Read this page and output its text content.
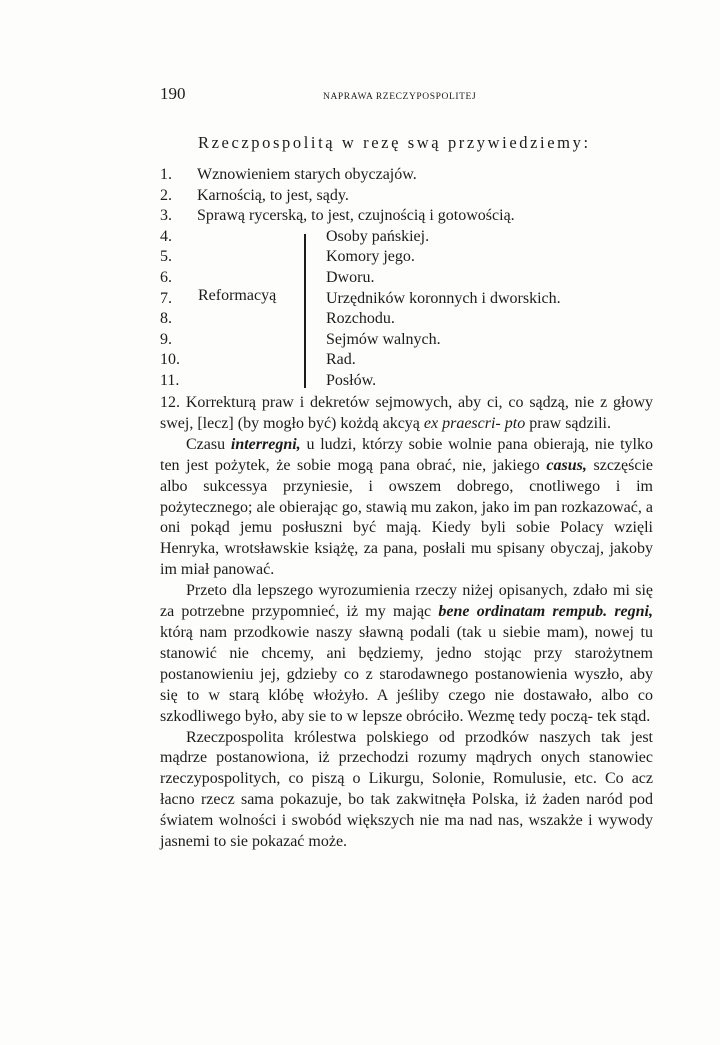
190	NAPRAWA RZECZYPOSPOLITEJ
Rzeczpospolitą w rezę swą przywiedziemy:
1.	Wznowieniem starych obyczajów.
2.	Karnością, to jest, sądy.
3.	Sprawą rycerską, to jest, czujnością i gotowością.
4.	Osoby pańskiej.
5.	Komory jego.
6.	Dworu.
7.	Urzędników koronnych i dworskich.
8.	Rozchodu.
9.	Sejmów walnych.
10.	Rad.
11.	Posłów.
Reformacyą

12. Korrekturą praw i dekretów sejmowych, aby ci, co sądzą, nie z głowy swej, [lecz] (by mogło być) kożdą akcyą ex praescri- pto praw sądzili.

Czasu interregni, u ludzi, którzy sobie wolnie pana obierają, nie tylko ten jest pożytek, że sobie mogą pana obrać, nie, jakiego casus, szczęście albo sukcessya przyniesie, i owszem dobrego, cnotliwego i im pożytecznego; ale obierając go, stawią mu zakon, jako im pan rozkazować, a oni pokąd jemu posłuszni być mają. Kiedy byli sobie Polacy wzięli Henryka, wrotsławskie książę, za pana, posłali mu spisany obyczaj, jakoby im miał panować.

Przeto dla lepszego wyrozumienia rzeczy niżej opisanych, zdało mi się za potrzebne przypomnieć, iż my mając bene ordinatam rempub. regni, którą nam przodkowie naszy sławną podali (tak u siebie mam), nowej tu stanowić nie chcemy, ani będziemy, jedno stojąc przy starożytnem postanowieniu jej, gdzieby co z starodawnego postanowienia wyszło, aby się to w starą klóbę włożyło. A jeśliby czego nie dostawało, albo co szkodliwego było, aby sie to w lepsze obróciło. Wezmę tedy począ- tek stąd.

Rzeczpospolita królestwa polskiego od przodków naszych tak jest mądrze postanowiona, iż przechodzi rozumy mądrych onych stanowiec rzeczypospolitych, co piszą o Likurgu, Solonie, Romulusie, etc. Co acz łacno rzecz sama pokazuje, bo tak zakwitnęła Polska, iż żaden naród pod światem wolności i swobód większych nie ma nad nas, wszakże i wywody jasnemi to sie pokazać może.
